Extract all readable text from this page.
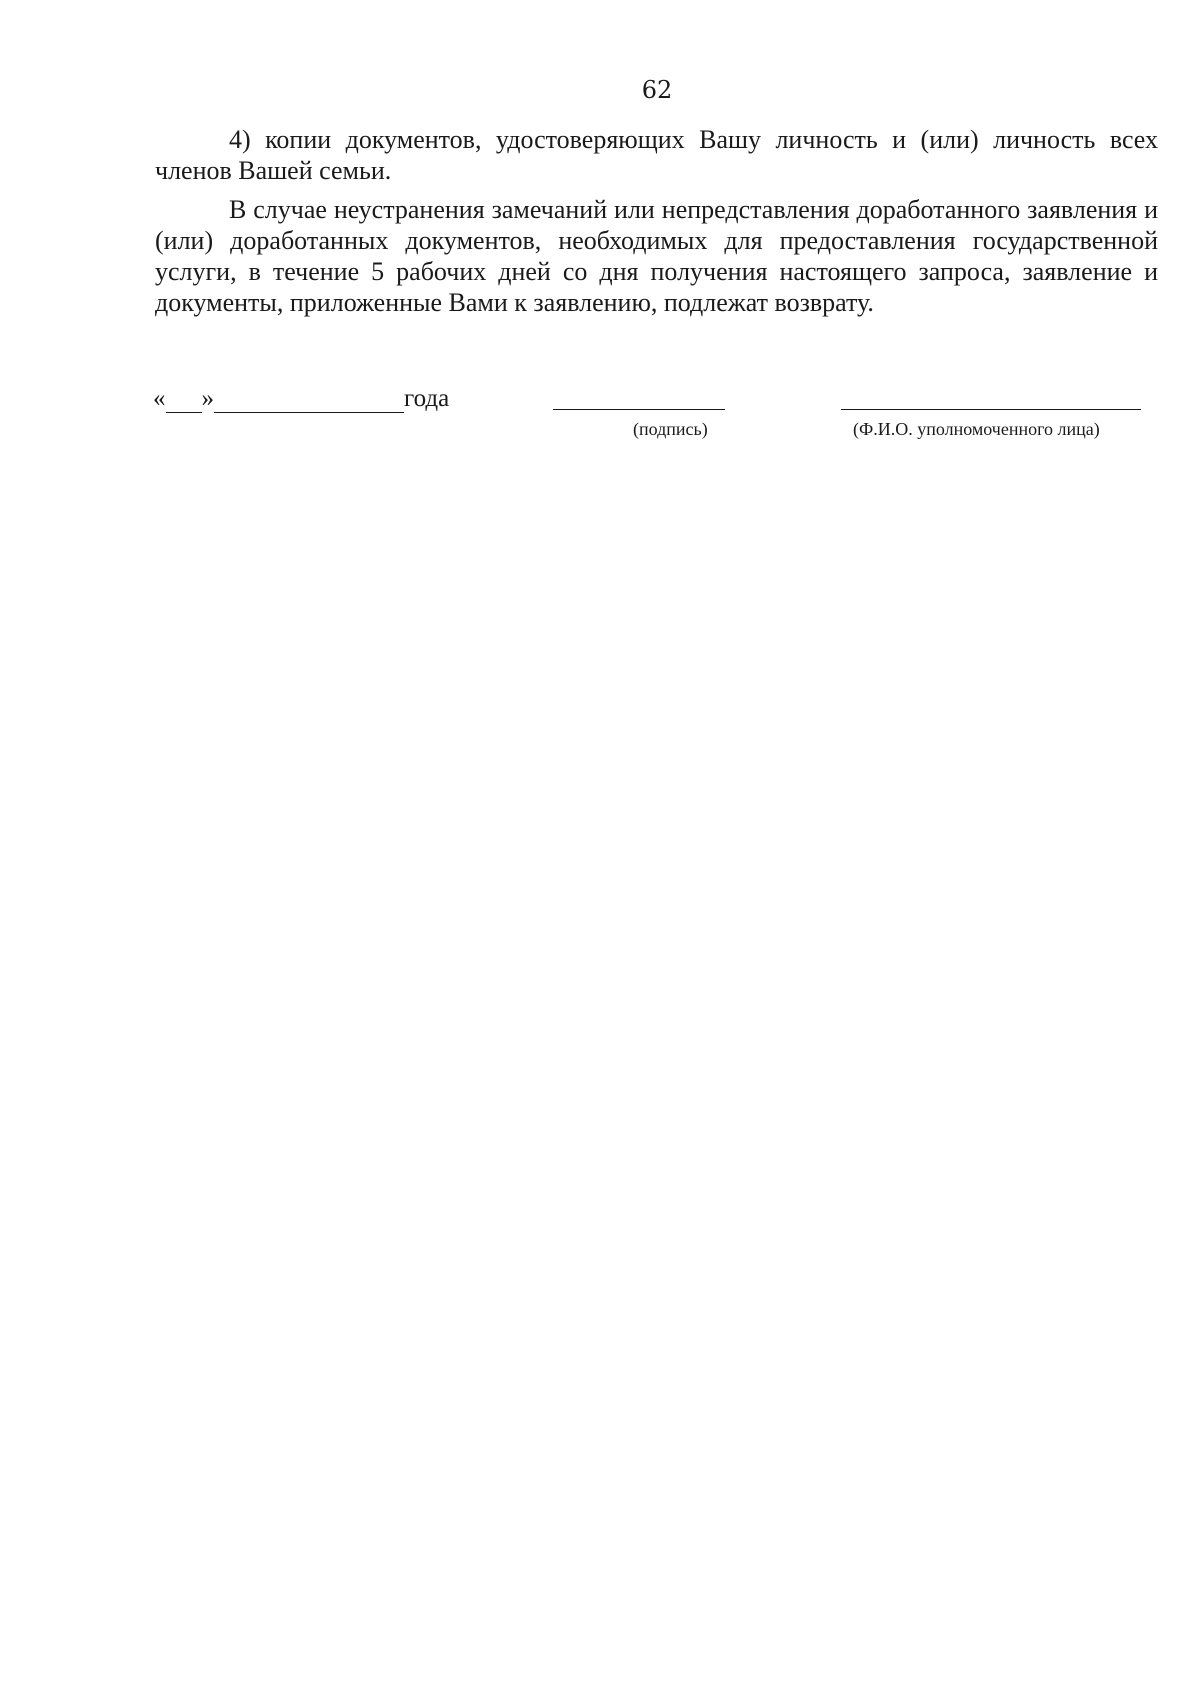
62

4) копии документов, удостоверяющих Вашу личность и (или) личность всех членов Вашей семьи.

В случае неустранения замечаний или непредставления доработанного заявления и (или) доработанных документов, необходимых для предоставления государственной услуги, в течение 5 рабочих дней со дня получения настоящего запроса, заявление и документы, приложенные Вами к заявлению, подлежат возврату.

« »	года
(подпись)	(Ф.И.О. уполномоченного лица)
